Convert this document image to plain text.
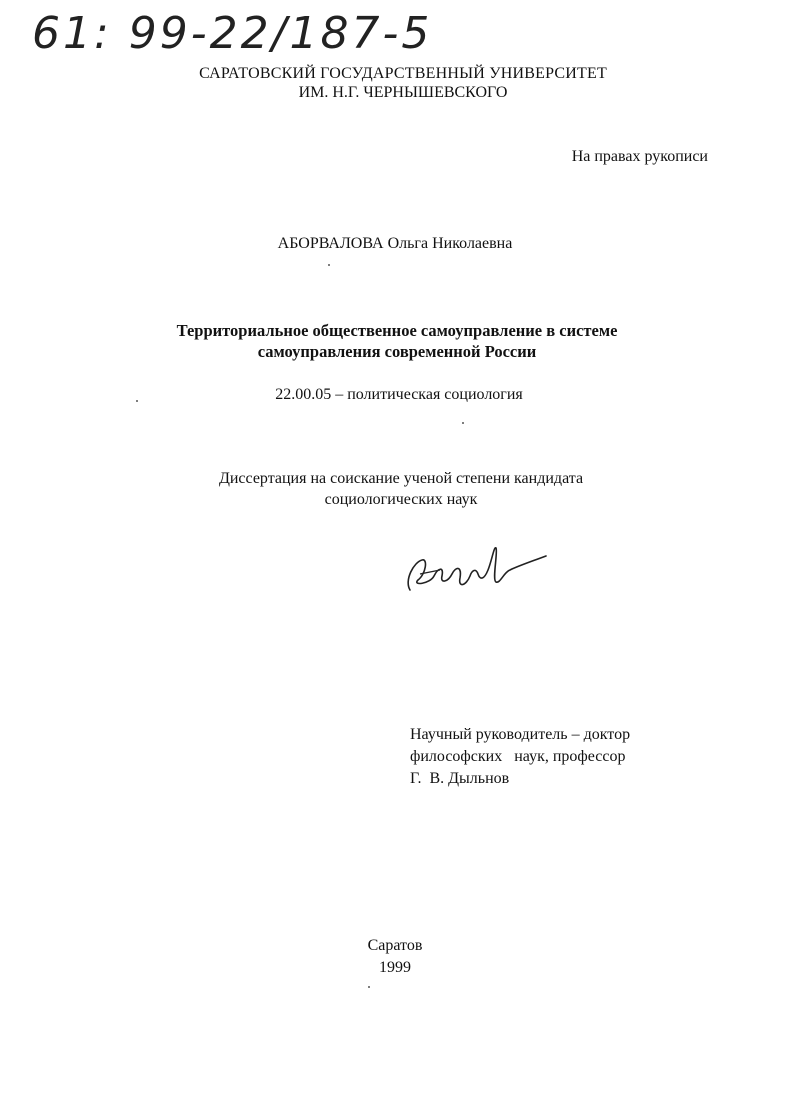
61: 99-22/187-5
САРАТОВСКИЙ ГОСУДАРСТВЕННЫЙ УНИВЕРСИТЕТ
ИМ. Н.Г. ЧЕРНЫШЕВСКОГО
На правах рукописи
АБОРВАЛОВА Ольга Николаевна
Территориальное общественное самоуправление в системе
самоуправления современной России
22.00.05 – политическая социология
Диссертация на соискание ученой степени кандидата
социологических наук
Научный руководитель – доктор
философских   наук, профессор
Г.  В. Дыльнов
Саратов
1999
